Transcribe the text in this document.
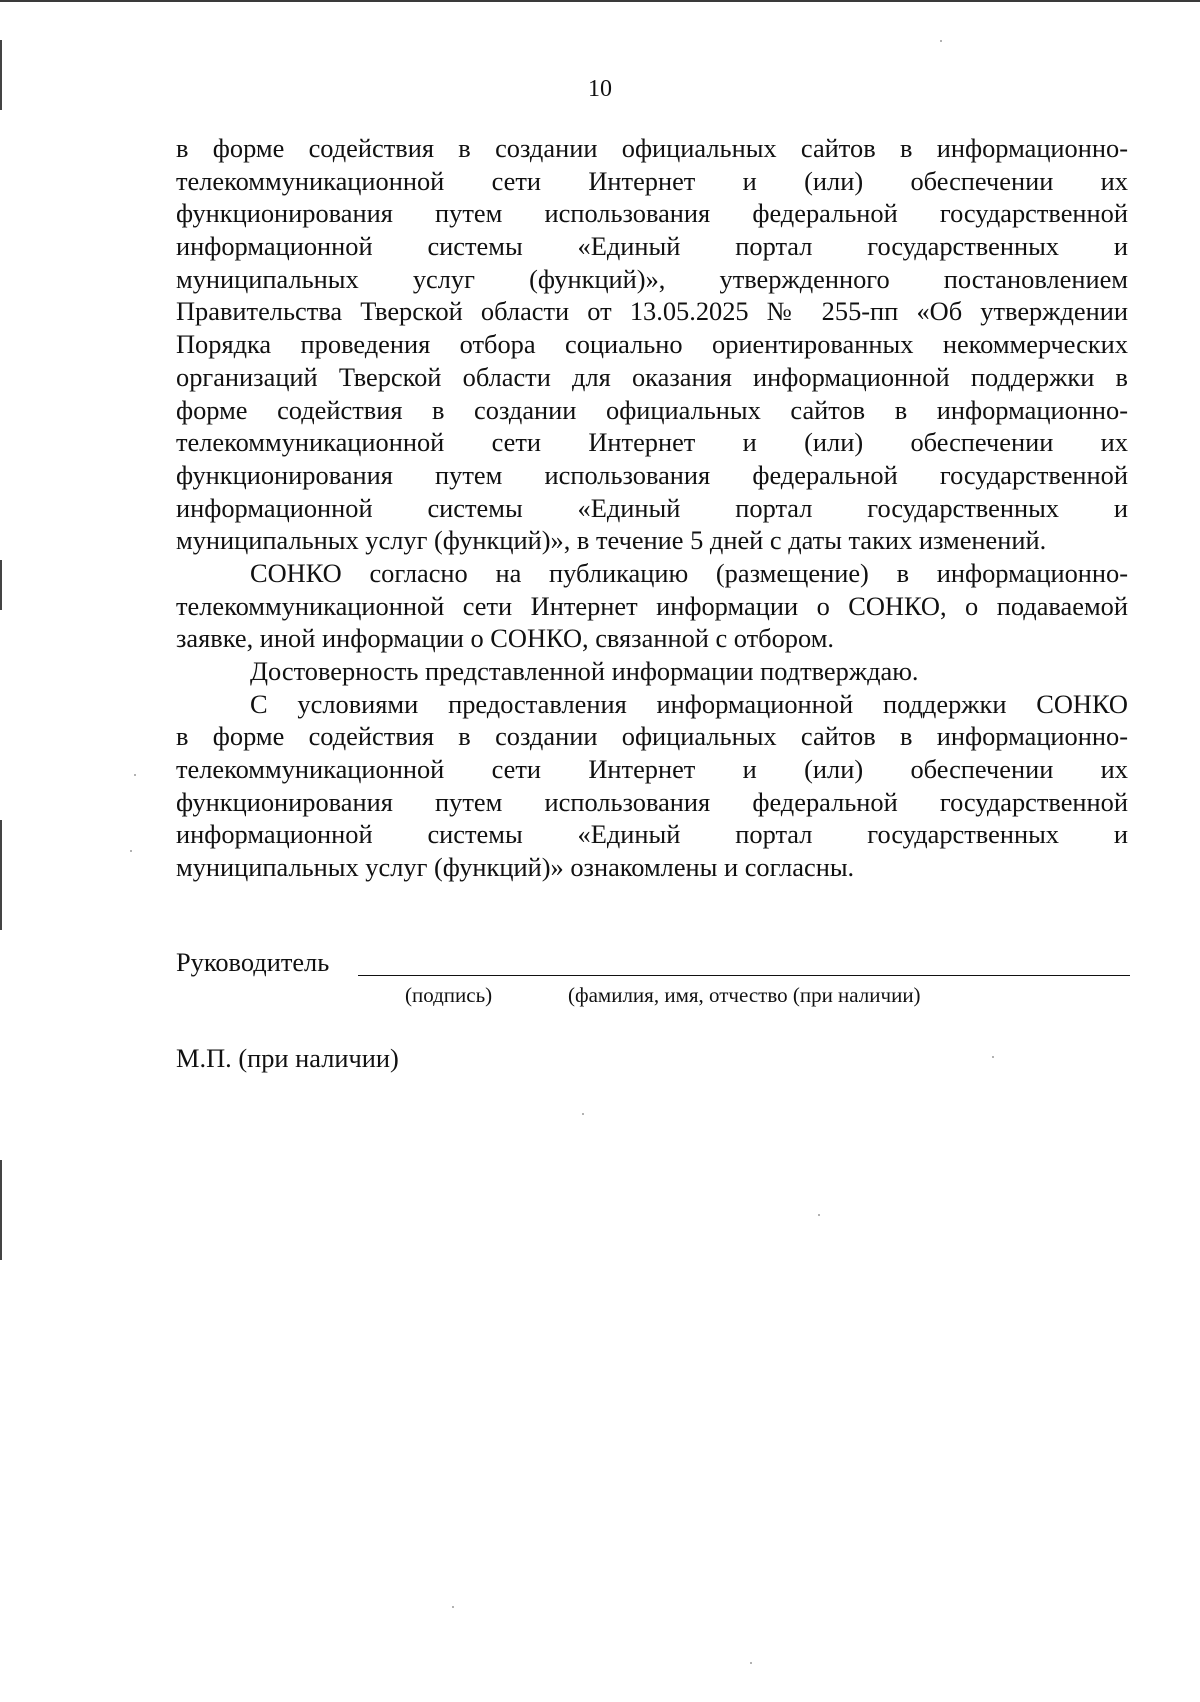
10
в форме содействия в создании официальных сайтов в информационно-
телекоммуникационной сети Интернет и (или) обеспечении их
функционирования путем использования федеральной государственной
информационной системы «Единый портал государственных и
муниципальных услуг (функций)», утвержденного постановлением
Правительства Тверской области от 13.05.2025 № 255-пп «Об утверждении
Порядка проведения отбора социально ориентированных некоммерческих
организаций Тверской области для оказания информационной поддержки в
форме содействия в создании официальных сайтов в информационно-
телекоммуникационной сети Интернет и (или) обеспечении их
функционирования путем использования федеральной государственной
информационной системы «Единый портал государственных и
муниципальных услуг (функций)», в течение 5 дней с даты таких изменений.
СОНКО согласно на публикацию (размещение) в информационно-
телекоммуникационной сети Интернет информации о СОНКО, о подаваемой
заявке, иной информации о СОНКО, связанной с отбором.
Достоверность представленной информации подтверждаю.
С условиями предоставления информационной поддержки СОНКО
в форме содействия в создании официальных сайтов в информационно-
телекоммуникационной сети Интернет и (или) обеспечении их
функционирования путем использования федеральной государственной
информационной системы «Единый портал государственных и
муниципальных услуг (функций)» ознакомлены и согласны.
Руководитель
(подпись)	(фамилия, имя, отчество (при наличии)
М.П. (при наличии)
